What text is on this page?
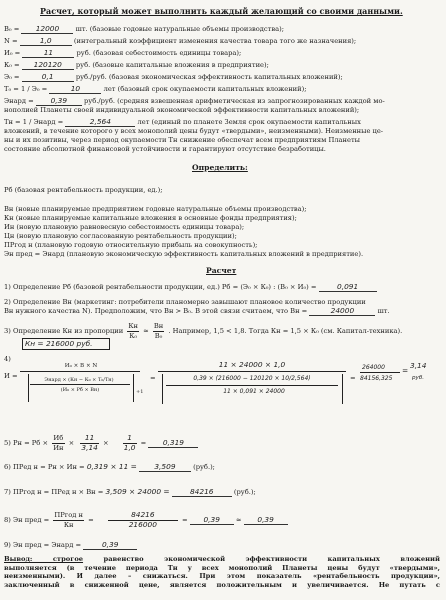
Расчет, который может выполнить каждый желающий со своими данными.
B₀ = 12000 шт. (базовые годовые натуральные объемы производства);
N =	1,0	(интегральный коэффициент изменения качества товара того же назначения);
И₀ =	11	руб. (базовая себестоимость единицы товара);
К₀ = 120120 руб. (базовые капитальные вложения в предприятие);
Э₀ =	0,1	руб./руб. (базовая экономическая эффективность капитальных вложений);
Т₀ = 1 / Э₀ =	10	лет (базовый срок окупаемости капитальных вложений);
Энард = 0,39	руб./руб. (средняя взвешенная арифметическая из запрогнозированных каждой мо-
нополией Планеты своей индивидуальной экономической эффективности капитальных вложений);
Тн = 1 / Энард =	2,564	лет (единый по планете Земля срок окупаемости капитальных
вложений, в течение которого у всех монополий цены будут «твердыми», неизменными). Неизменные це-
ны и их позитивы, через период окупаемости Тн снижение обеспечат всем предприятиям Планеты
состояние абсолютной финансовой устойчивости и гарантируют отсутствие безработицы.
Определить:
Pб (базовая рентабельность продукции, ед.);
Bн (новые планируемые предприятием годовые натуральные объемы производства);
Кн (новые планируемые капитальные вложения в основные фонды предприятия);
Ин (новую плановую равновесную себестоимость единицы товара);
Цн (новую плановую согласованную рентабельность продукции);
ПРгод н (плановую годовую относительную прибыль на совокупность);
Эн пред = Энард (плановую экономическую эффективность капитальных вложений в предприятие).
Расчет
1) Определение Pб (базовой рентабельности продукции, ед.) Pб = (Э₀ × К₀) : (B₀ × И₀) =	0,091
2) Определение Bн (маркетинг: потребители планомерно завышают плановое количество продукции
Bн нужного качества N). Предположим, что Bн > B₀. В этой связи считаем, что Bн =	24000	шт.
3) Определение Кн из пропорции $\frac{Кн}{\text{К₀}} \approx \frac{Bн}{\text{B₀}}$ . Например, 1,5 < 1,8. Тогда Кн = 1,5 × К₀ (см. Капитал-техника).
Кн = 216000 руб.
4)
И =
И₀ × B × N
Энард × (Кн − К₀ × Т₀/Тн)
(И₀ × Pб × Bн)	+1
=
11 × 24000 × 1,0
0,39 × (216000 − 120120 × 10/2,564)
11 × 0,091 × 24000
=
264000
84156,325
=
3,14
руб.
5) Pн = Pб × $\frac{Иб}{Ин} \times \frac{11}{3,14} \times \frac{1}{1,0} = 0,319$
6) ПРед н = Pн × Ин = 0,319 × 11 = 3,509	(руб.);
7) ПРгод н = ПРед н × Bн = 3,509 × 24000 =	84216	(руб.);
8) Эн пред = $\frac{\text{ПРгод н}}{Кн} = \frac{84216}{216000} = 0,39 \approx 0,39$
9) Эн пред = Энард =	0,39
Вывод: строгое	равенство экономической эффективности капитальных вложений
выполняется (в течение периода Тн у всех монополий Планеты цены будут «твердыми»,
неизменными). И далее – снижаться. При этом показатель «рентабельность продукции»,
заключенный в сниженной цене, является положительным и увеличивается. Не путать с
